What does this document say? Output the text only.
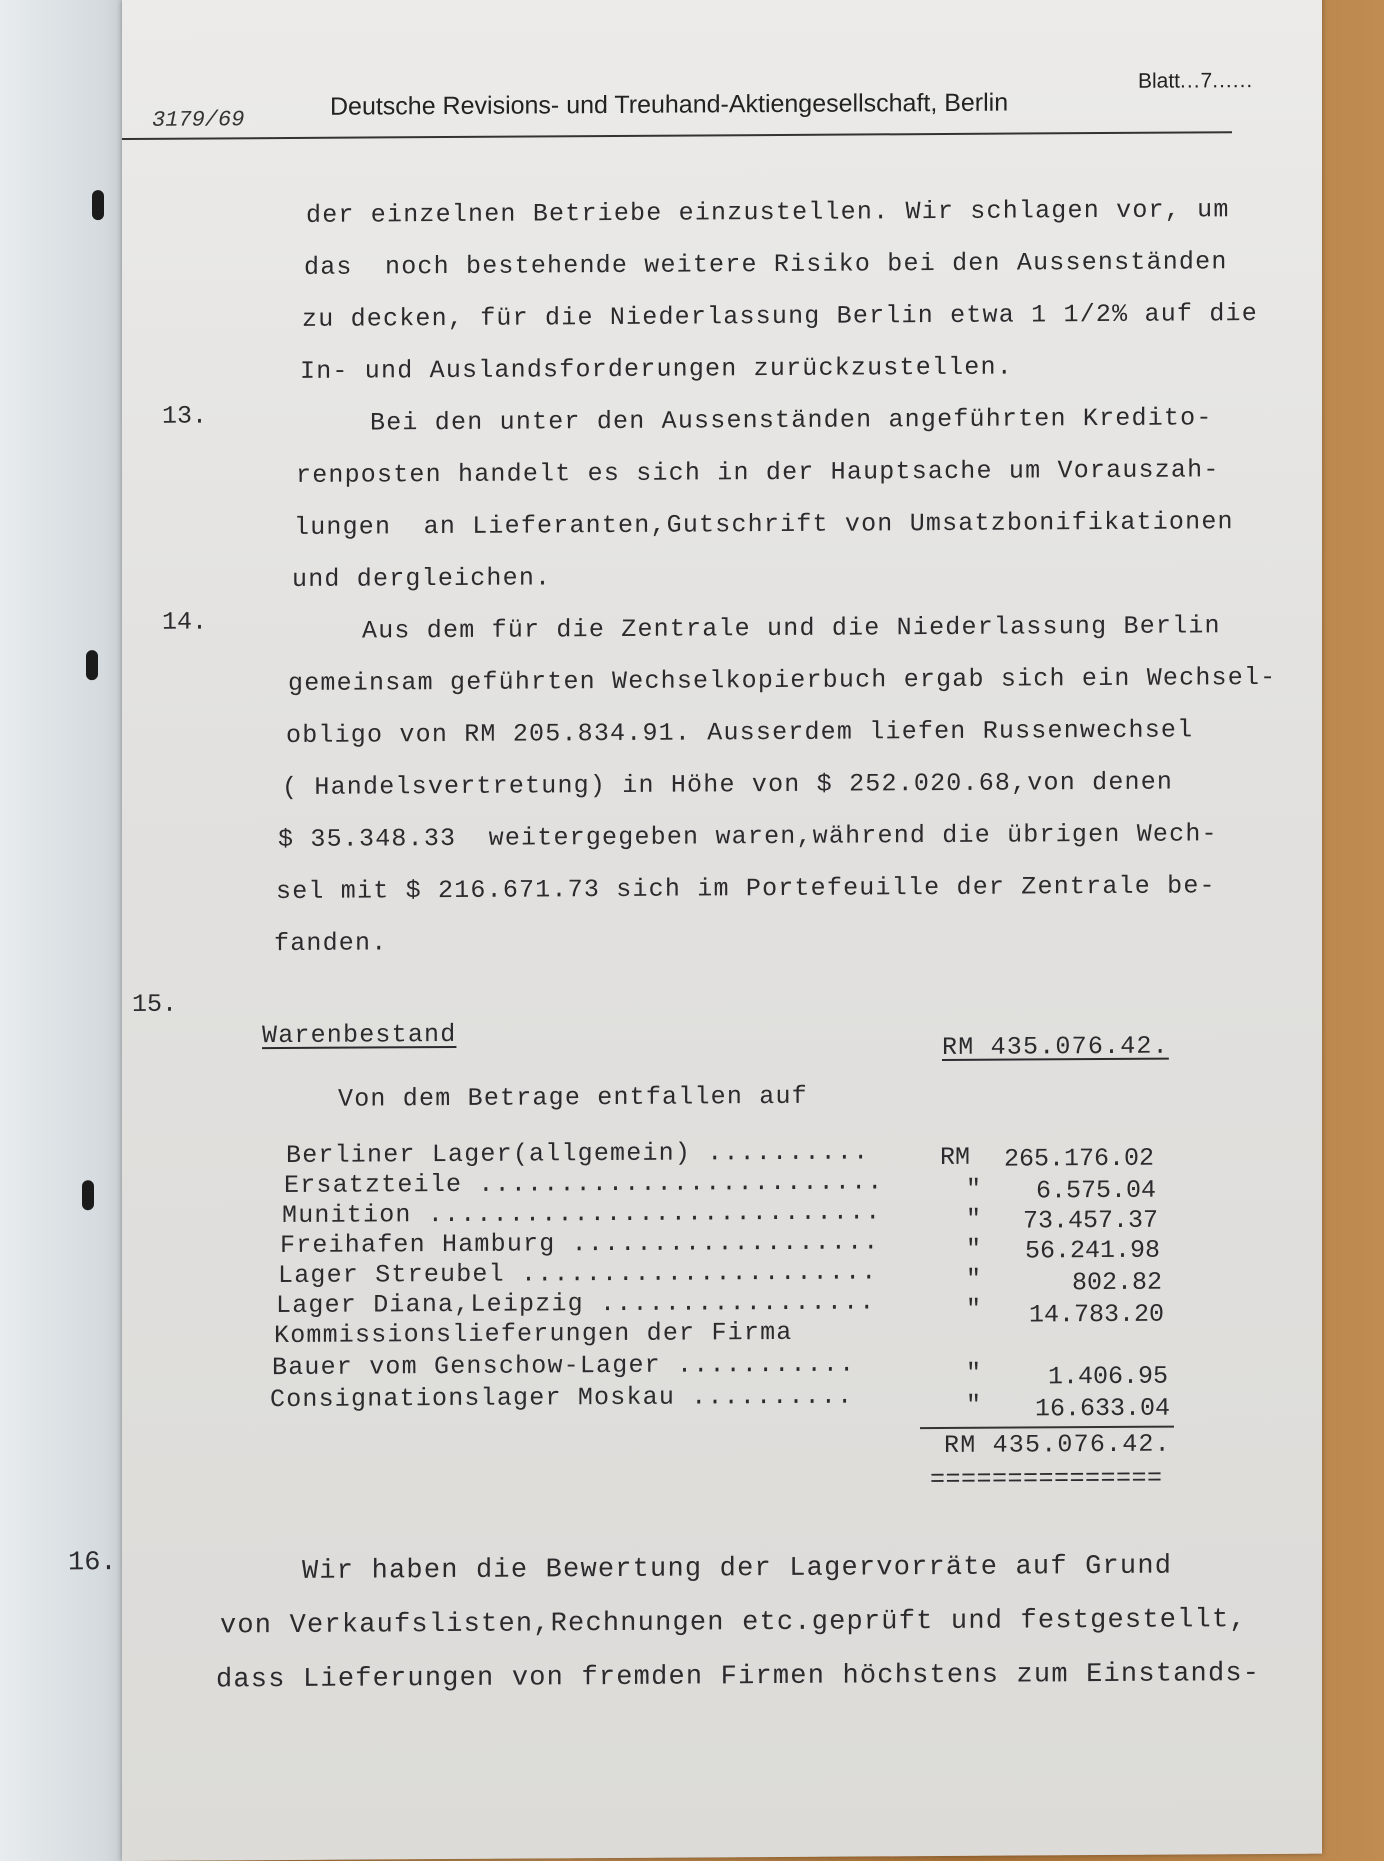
3179/69	Deutsche Revisions- und Treuhand-Aktiengesellschaft, Berlin
Blatt...7......
der einzelnen Betriebe einzustellen. Wir schlagen vor, um
das  noch bestehende weitere Risiko bei den Aussenständen
zu decken, für die Niederlassung Berlin etwa 1 1/2% auf die
In- und Auslandsforderungen zurückzustellen.
13.	Bei den unter den Aussenständen angeführten Kredito-
renposten handelt es sich in der Hauptsache um Vorauszah-
lungen  an Lieferanten,Gutschrift von Umsatzbonifikationen
und dergleichen.
14.	Aus dem für die Zentrale und die Niederlassung Berlin
gemeinsam geführten Wechselkopierbuch ergab sich ein Wechsel-
obligo von RM 205.834.91. Ausserdem liefen Russenwechsel
( Handelsvertretung) in Höhe von $ 252.020.68,von denen
$ 35.348.33  weitergegeben waren,während die übrigen Wech-
sel mit $ 216.671.73 sich im Portefeuille der Zentrale be-
fanden.
15.
Warenbestand	RM 435.076.42.
Von dem Betrage entfallen auf
Berliner Lager(allgemein) ..........	RM	265.176.02
Ersatzteile .........................	"	6.575.04
Munition ............................	"	73.457.37
Freihafen Hamburg ...................	"	56.241.98
Lager Streubel ......................	"	802.82
Lager Diana,Leipzig .................	"	14.783.20
Kommissionslieferungen der Firma
Bauer vom Genschow-Lager ...........	"	1.406.95
Consignationslager Moskau ..........	"	16.633.04
RM 435.076.42.
===============
16.	Wir haben die Bewertung der Lagervorräte auf Grund
von Verkaufslisten,Rechnungen etc.geprüft und festgestellt,
dass Lieferungen von fremden Firmen höchstens zum Einstands-
